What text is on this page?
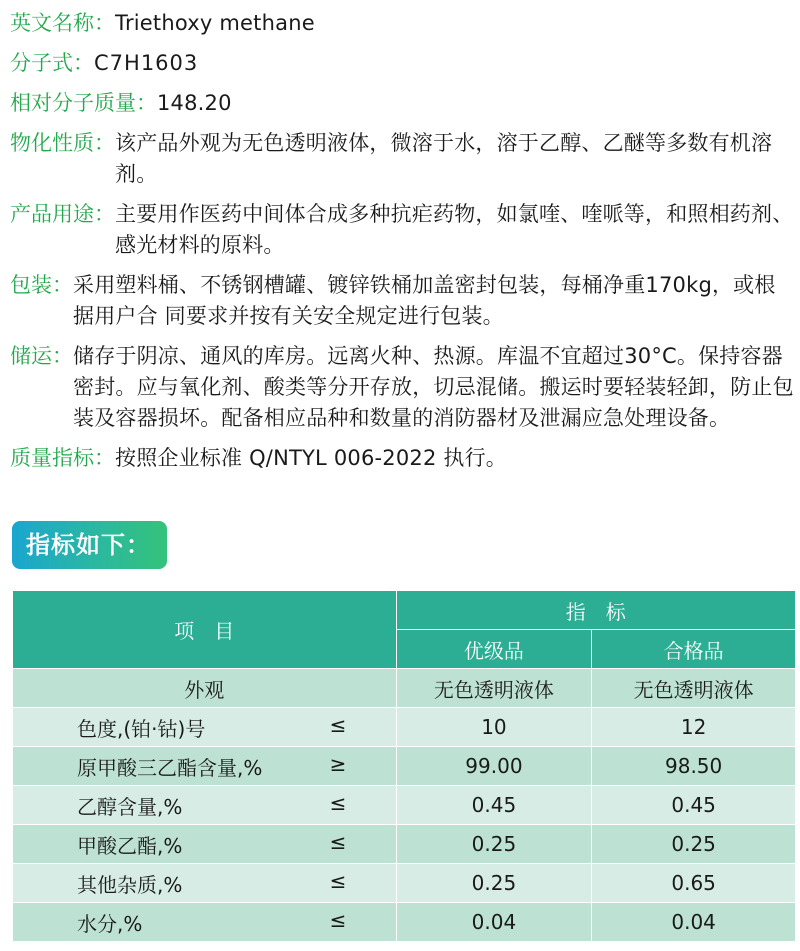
英文名称： Triethoxy methane
分子式： C7H1603
相对分子质量： 148.20
物化性质： 该产品外观为无色透明液体，微溶于水，溶于乙醇、乙醚等多数有机溶剂。
产品用途： 主要用作医药中间体合成多种抗疟药物，如氯喹、喹哌等，和照相药剂、感光材料的原料。
包装： 采用塑料桶、不锈钢槽罐、镀锌铁桶加盖密封包装，每桶净重170kg，或根据用户合 同要求并按有关安全规定进行包装。
储运： 储存于阴凉、通风的库房。远离火种、热源。库温不宜超过30°C。保持容器密封。应与氧化剂、酸类等分开存放，切忌混储。搬运时要轻装轻卸，防止包装及容器损坏。配备相应品种和数量的消防器材及泄漏应急处理设备。
质量指标： 按照企业标准 Q/NTYL 006-2022 执行。
指标如下：
项　目	指　标	
	优级品	合格品
外观	无色透明液体	无色透明液体

色度,(铂·钴)号 ≤	10	12

原甲酸三乙酯含量,% ≥	99.00	98.50

乙醇含量,% ≤	0.45	0.45

甲酸乙酯,% ≤	0.25	0.25

其他杂质,% ≤	0.25	0.65

水分,% ≤	0.04	0.04
